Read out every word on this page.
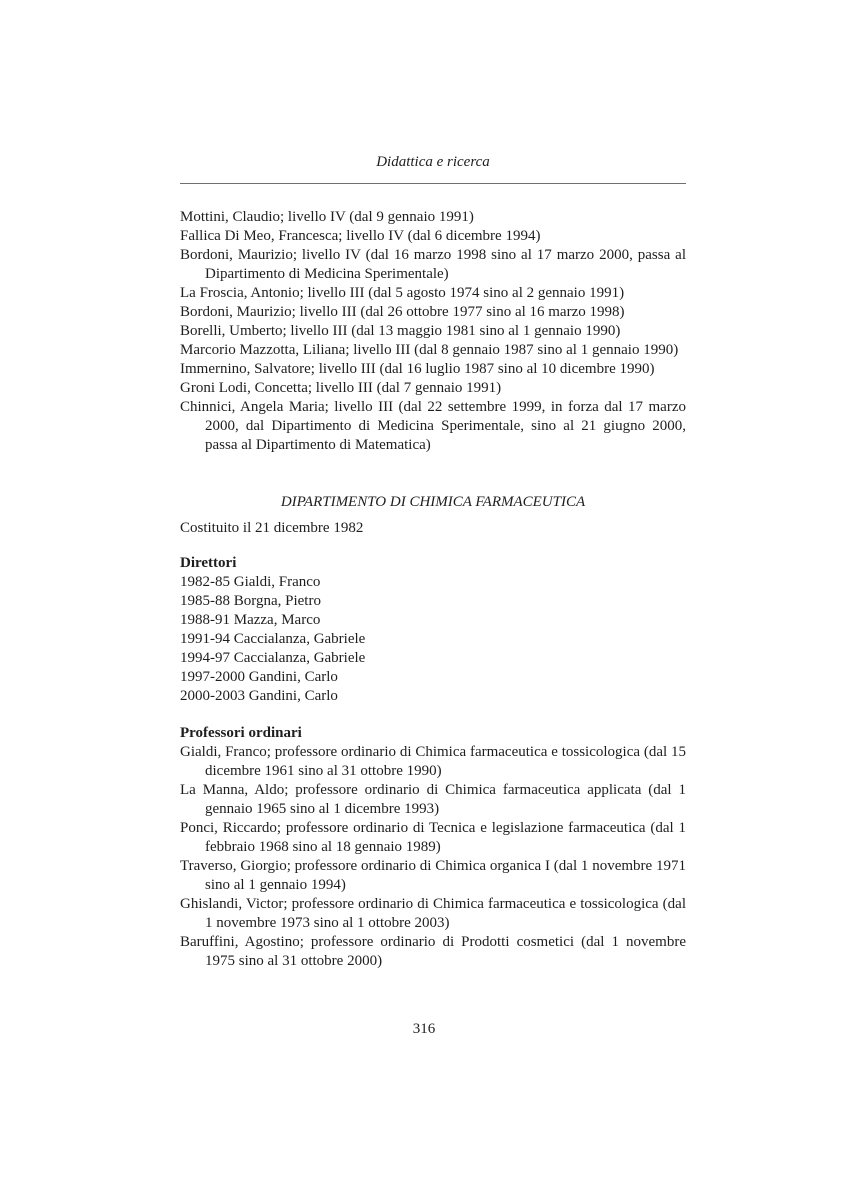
Didattica e ricerca

Mottini, Claudio; livello IV (dal 9 gennaio 1991)

Fallica Di Meo, Francesca; livello IV (dal 6 dicembre 1994)

Bordoni, Maurizio; livello IV (dal 16 marzo 1998 sino al 17 marzo 2000, passa al Dipartimento di Medicina Sperimentale)

La Froscia, Antonio; livello III (dal 5 agosto 1974 sino al 2 gennaio 1991)

Bordoni, Maurizio; livello III (dal 26 ottobre 1977 sino al 16 marzo 1998)

Borelli, Umberto; livello III (dal 13 maggio 1981 sino al 1 gennaio 1990)

Marcorio Mazzotta, Liliana; livello III (dal 8 gennaio 1987 sino al 1 gennaio 1990)

Immernino, Salvatore; livello III (dal 16 luglio 1987 sino al 10 dicembre 1990)

Groni Lodi, Concetta; livello III (dal 7 gennaio 1991)

Chinnici, Angela Maria; livello III (dal 22 settembre 1999, in forza dal 17 marzo 2000, dal Dipartimento di Medicina Sperimentale, sino al 21 giugno 2000, passa al Dipartimento di Matematica)

DIPARTIMENTO DI CHIMICA FARMACEUTICA
Costituito il 21 dicembre 1982
Direttori

1982-85 Gialdi, Franco

1985-88 Borgna, Pietro

1988-91 Mazza, Marco

1991-94 Caccialanza, Gabriele

1994-97 Caccialanza, Gabriele

1997-2000 Gandini, Carlo

2000-2003 Gandini, Carlo

Professori ordinari

Gialdi, Franco; professore ordinario di Chimica farmaceutica e tossicologica (dal 15 dicembre 1961 sino al 31 ottobre 1990)

La Manna, Aldo; professore ordinario di Chimica farmaceutica applicata (dal 1 gennaio 1965 sino al 1 dicembre 1993)

Ponci, Riccardo; professore ordinario di Tecnica e legislazione farmaceutica (dal 1 febbraio 1968 sino al 18 gennaio 1989)

Traverso, Giorgio; professore ordinario di Chimica organica I (dal 1 novembre 1971 sino al 1 gennaio 1994)

Ghislandi, Victor; professore ordinario di Chimica farmaceutica e tossicologica (dal 1 novembre 1973 sino al 1 ottobre 2003)

Baruffini, Agostino; professore ordinario di Prodotti cosmetici (dal 1 novembre 1975 sino al 31 ottobre 2000)

316
